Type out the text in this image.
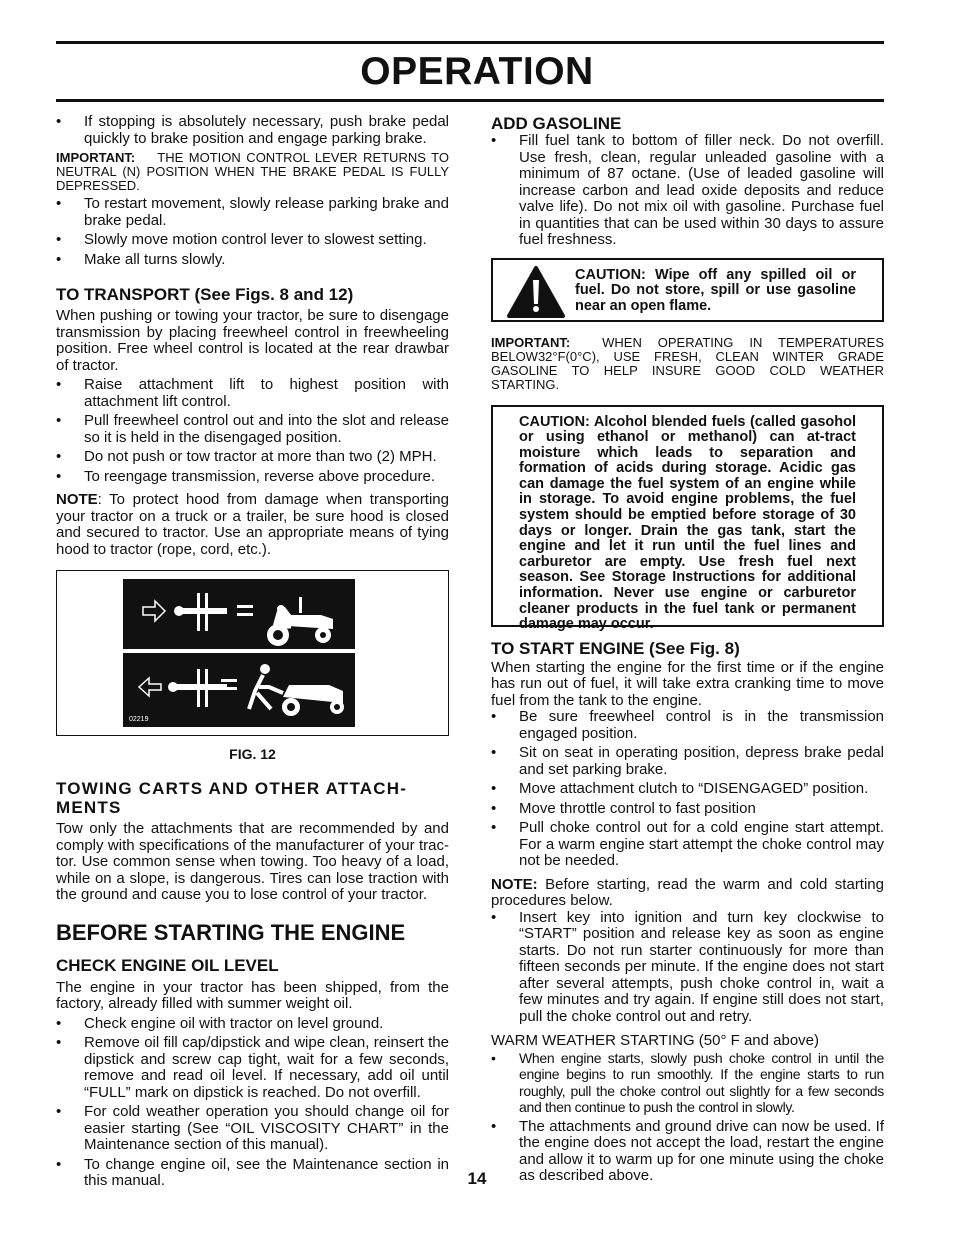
OPERATION
• If stopping is absolutely necessary, push brake pedal quickly to brake position and engage parking brake.
IMPORTANT: THE MOTION CONTROL LEVER RETURNS TO NEUTRAL (N) POSITION WHEN THE BRAKE PEDAL IS FULLY DEPRESSED.
• To restart movement, slowly release parking brake and brake pedal.
• Slowly move motion control lever to slowest setting.
• Make all turns slowly.
TO TRANSPORT (See Figs. 8 and 12)

When pushing or towing your tractor, be sure to disengage transmission by placing freewheel control in freewheeling position. Free wheel control is located at the rear drawbar of tractor.

• Raise attachment lift to highest position with attachment lift control.
• Pull freewheel control out and into the slot and release so it is held in the disengaged position.
• Do not push or tow tractor at more than two (2) MPH.
• To reengage transmission, reverse above procedure.

NOTE: To protect hood from damage when transporting your tractor on a truck or a trailer, be sure hood is closed and secured to tractor. Use an appropriate means of tying hood to tractor (rope, cord, etc.).

02219
FIG. 12
TOWING CARTS AND OTHER ATTACH-MENTS

Tow only the attachments that are recommended by and comply with specifications of the manufacturer of your trac-tor. Use common sense when towing. Too heavy of a load, while on a slope, is dangerous. Tires can lose traction with the ground and cause you to lose control of your tractor.

BEFORE STARTING THE ENGINE
CHECK ENGINE OIL LEVEL

The engine in your tractor has been shipped, from the factory, already filled with summer weight oil.

• Check engine oil with tractor on level ground.
• Remove oil fill cap/dipstick and wipe clean, reinsert the dipstick and screw cap tight, wait for a few seconds, remove and read oil level. If necessary, add oil until “FULL” mark on dipstick is reached. Do not overfill.
• For cold weather operation you should change oil for easier starting (See “OIL VISCOSITY CHART” in the Maintenance section of this manual).
• To change engine oil, see the Maintenance section in this manual.
ADD GASOLINE
• Fill fuel tank to bottom of filler neck. Do not overfill. Use fresh, clean, regular unleaded gasoline with a minimum of 87 octane. (Use of leaded gasoline will increase carbon and lead oxide deposits and reduce valve life). Do not mix oil with gasoline. Purchase fuel in quantities that can be used within 30 days to assure fuel freshness.

CAUTION: Wipe off any spilled oil or fuel. Do not store, spill or use gasoline near an open flame.

IMPORTANT: WHEN OPERATING IN TEMPERATURES BELOW32°F(0°C), USE FRESH, CLEAN WINTER GRADE GASOLINE TO HELP INSURE GOOD COLD WEATHER STARTING.

CAUTION: Alcohol blended fuels (called gasohol or using ethanol or methanol) can at-tract moisture which leads to separation and formation of acids during storage. Acidic gas can damage the fuel system of an engine while in storage. To avoid engine problems, the fuel system should be emptied before storage of 30 days or longer. Drain the gas tank, start the engine and let it run until the fuel lines and carburetor are empty. Use fresh fuel next season. See Storage Instructions for additional information. Never use engine or carburetor cleaner products in the fuel tank or permanent damage may occur.

TO START ENGINE (See Fig. 8)

When starting the engine for the first time or if the engine has run out of fuel, it will take extra cranking time to move fuel from the tank to the engine.

• Be sure freewheel control is in the transmission engaged position.
• Sit on seat in operating position, depress brake pedal and set parking brake.
• Move attachment clutch to “DISENGAGED” position.
• Move throttle control to fast position
• Pull choke control out for a cold engine start attempt. For a warm engine start attempt the choke control may not be needed.

NOTE: Before starting, read the warm and cold starting procedures below.

• Insert key into ignition and turn key clockwise to “START” position and release key as soon as engine starts. Do not run starter continuously for more than fifteen seconds per minute. If the engine does not start after several attempts, push choke control in, wait a few minutes and try again. If engine still does not start, pull the choke control out and retry.

WARM WEATHER STARTING (50° F and above)

• When engine starts, slowly push choke control in until the engine begins to run smoothly. If the engine starts to run roughly, pull the choke control out slightly for a few seconds and then continue to push the control in slowly.
• The attachments and ground drive can now be used. If the engine does not accept the load, restart the engine and allow it to warm up for one minute using the choke as described above.
14
